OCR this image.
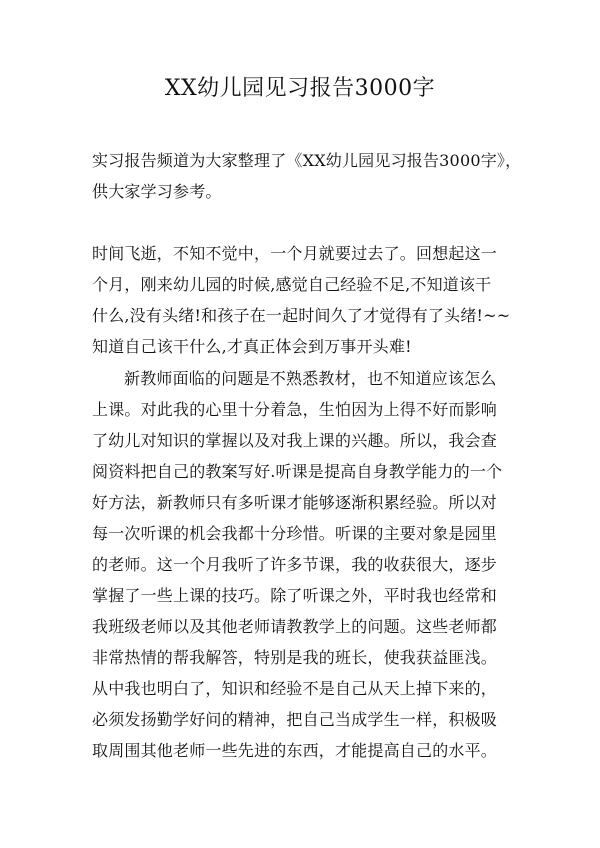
XX幼儿园见习报告3000字
实习报告频道为大家整理了《XX幼儿园见习报告3000字》，
供大家学习参考。
时间飞逝，不知不觉中，一个月就要过去了。回想起这一
个月，刚来幼儿园的时候,感觉自己经验不足,不知道该干
什么,没有头绪!和孩子在一起时间久了才觉得有了头绪!~~
知道自己该干什么,才真正体会到万事开头难!
新教师面临的问题是不熟悉教材，也不知道应该怎么
上课。对此我的心里十分着急，生怕因为上得不好而影响
了幼儿对知识的掌握以及对我上课的兴趣。所以，我会查
阅资料把自己的教案写好.听课是提高自身教学能力的一个
好方法，新教师只有多听课才能够逐渐积累经验。所以对
每一次听课的机会我都十分珍惜。听课的主要对象是园里
的老师。这一个月我听了许多节课，我的收获很大，逐步
掌握了一些上课的技巧。除了听课之外，平时我也经常和
我班级老师以及其他老师请教教学上的问题。这些老师都
非常热情的帮我解答，特别是我的班长，使我获益匪浅。
从中我也明白了，知识和经验不是自己从天上掉下来的，
必须发扬勤学好问的精神，把自己当成学生一样，积极吸
取周围其他老师一些先进的东西，才能提高自己的水平。
